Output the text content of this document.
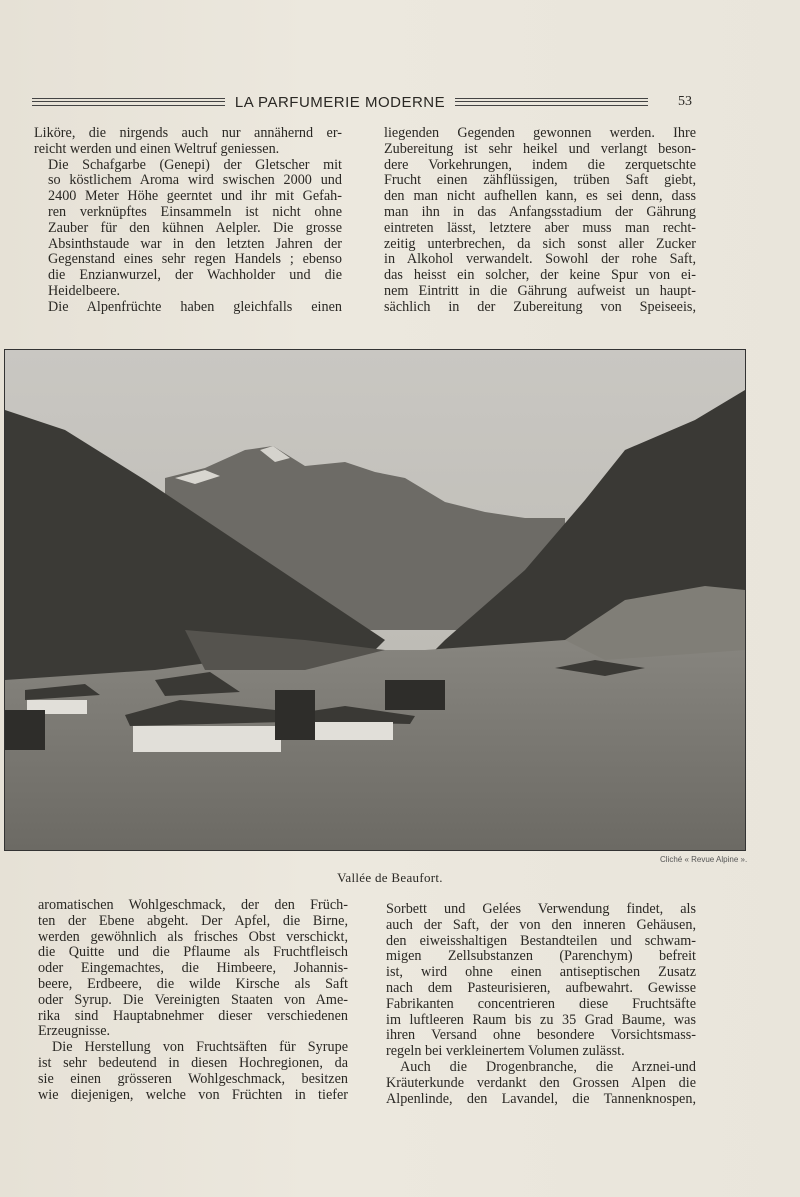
LA PARFUMERIE MODERNE	53

Liköre, die nirgends auch nur annähernd er-
reicht werden und einen Weltruf geniessen.

Die Schafgarbe (Genepi) der Gletscher mit
so köstlichem Aroma wird swischen 2000 und
2400 Meter Höhe geerntet und ihr mit Gefah-
ren verknüpftes Einsammeln ist nicht ohne
Zauber für den kühnen Aelpler. Die grosse
Absinthstaude war in den letzten Jahren der
Gegenstand eines sehr regen Handels ; ebenso
die Enzianwurzel, der Wachholder und die
Heidelbeere.

Die Alpenfrüchte haben gleichfalls einen

liegenden Gegenden gewonnen werden. Ihre
Zubereitung ist sehr heikel und verlangt beson-
dere Vorkehrungen, indem die zerquetschte
Frucht einen zähflüssigen, trüben Saft giebt,
den man nicht aufhellen kann, es sei denn, dass
man ihn in das Anfangsstadium der Gährung
eintreten lässt, letztere aber muss man recht-
zeitig unterbrechen, da sich sonst aller Zucker
in Alkohol verwandelt. Sowohl der rohe Saft,
das heisst ein solcher, der keine Spur von ei-
nem Eintritt in die Gährung aufweist un haupt-
sächlich in der Zubereitung von Speiseeis,
Cliché « Revue Alpine ».
Vallée de Beaufort.
aromatischen Wohlgeschmack, der den Früch-
ten der Ebene abgeht. Der Apfel, die Birne,
werden gewöhnlich als frisches Obst verschickt,
die Quitte und die Pflaume als Fruchtfleisch
oder Eingemachtes, die Himbeere, Johannis-
beere, Erdbeere, die wilde Kirsche als Saft
oder Syrup. Die Vereinigten Staaten von Ame-
rika sind Hauptabnehmer dieser verschiedenen
Erzeugnisse.
Die Herstellung von Fruchtsäften für Syrupe
ist sehr bedeutend in diesen Hochregionen, da
sie einen grösseren Wohlgeschmack, besitzen
wie diejenigen, welche von Früchten in tiefer
Sorbett und Gelées Verwendung findet, als
auch der Saft, der von den inneren Gehäusen,
den eiweisshaltigen Bestandteilen und schwam-
migen Zellsubstanzen (Parenchym) befreit
ist, wird ohne einen antiseptischen Zusatz
nach dem Pasteurisieren, aufbewahrt. Gewisse
Fabrikanten concentrieren diese Fruchtsäfte
im luftleeren Raum bis zu 35 Grad Baume, was
ihren Versand ohne besondere Vorsichtsmass-
regeln bei verkleinertem Volumen zulässt.
Auch die Drogenbranche, die Arznei-und
Kräuterkunde verdankt den Grossen Alpen die
Alpenlinde, den Lavandel, die Tannenknospen,
